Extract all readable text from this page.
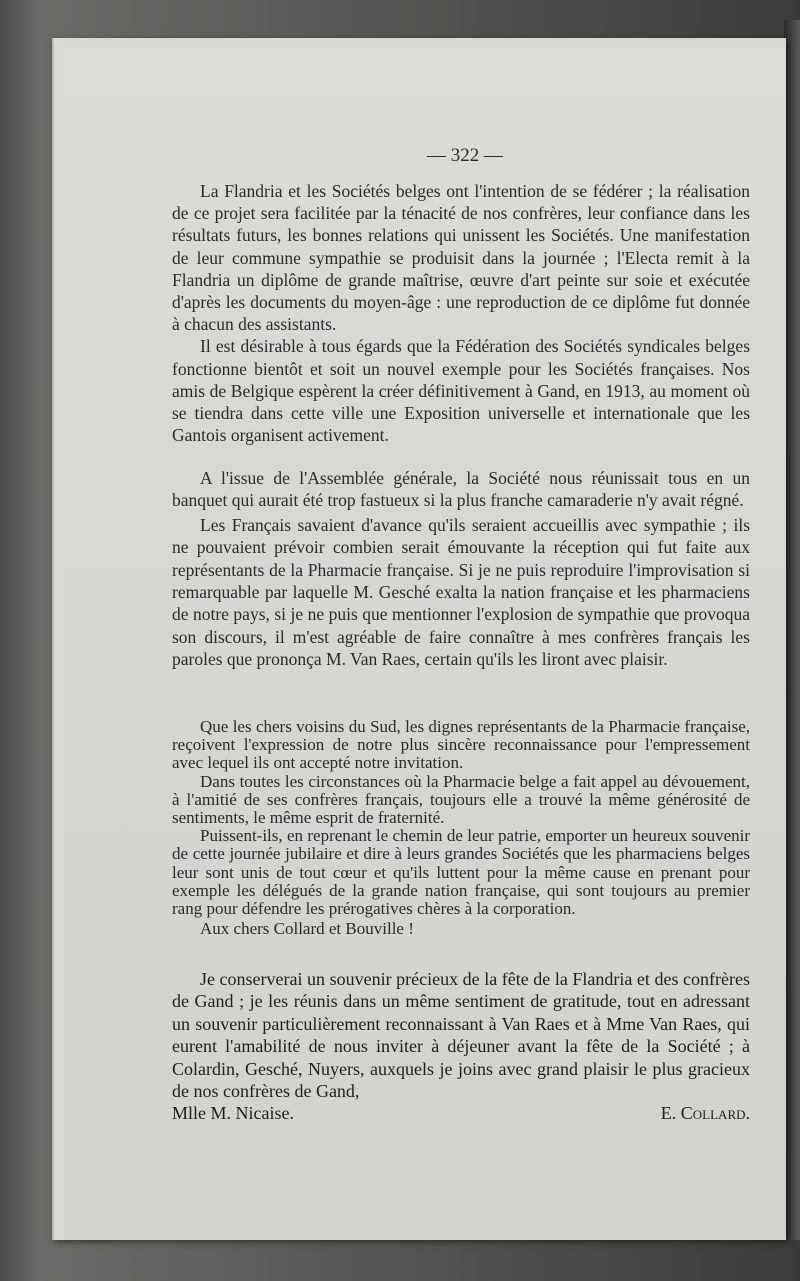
— 322 —

La Flandria et les Sociétés belges ont l'intention de se fédérer ; la réalisation de ce projet sera facilitée par la ténacité de nos confrères, leur confiance dans les résultats futurs, les bonnes relations qui unissent les Sociétés. Une manifestation de leur commune sympathie se produisit dans la journée ; l'Electa remit à la Flandria un diplôme de grande maîtrise, œuvre d'art peinte sur soie et exécutée d'après les documents du moyen-âge : une reproduction de ce diplôme fut donnée à chacun des assistants.

Il est désirable à tous égards que la Fédération des Sociétés syndicales belges fonctionne bientôt et soit un nouvel exemple pour les Sociétés françaises. Nos amis de Belgique espèrent la créer définitivement à Gand, en 1913, au moment où se tiendra dans cette ville une Exposition universelle et internationale que les Gantois organisent activement.

A l'issue de l'Assemblée générale, la Société nous réunissait tous en un banquet qui aurait été trop fastueux si la plus franche camaraderie n'y avait régné.

Les Français savaient d'avance qu'ils seraient accueillis avec sympathie ; ils ne pouvaient prévoir combien serait émouvante la réception qui fut faite aux représentants de la Pharmacie française. Si je ne puis reproduire l'improvisation si remarquable par laquelle M. Gesché exalta la nation française et les pharmaciens de notre pays, si je ne puis que mentionner l'explosion de sympathie que provoqua son discours, il m'est agréable de faire connaître à mes confrères français les paroles que prononça M. Van Raes, certain qu'ils les liront avec plaisir.

Que les chers voisins du Sud, les dignes représentants de la Pharmacie française, reçoivent l'expression de notre plus sincère reconnaissance pour l'empressement avec lequel ils ont accepté notre invitation.

Dans toutes les circonstances où la Pharmacie belge a fait appel au dévouement, à l'amitié de ses confrères français, toujours elle a trouvé la même générosité de sentiments, le même esprit de fraternité.

Puissent-ils, en reprenant le chemin de leur patrie, emporter un heureux souvenir de cette journée jubilaire et dire à leurs grandes Sociétés que les pharmaciens belges leur sont unis de tout cœur et qu'ils luttent pour la même cause en prenant pour exemple les délégués de la grande nation française, qui sont toujours au premier rang pour défendre les prérogatives chères à la corporation.

Aux chers Collard et Bouville !

Je conserverai un souvenir précieux de la fête de la Flandria et des confrères de Gand ; je les réunis dans un même sentiment de gratitude, tout en adressant un souvenir particulièrement reconnaissant à Van Raes et à Mme Van Raes, qui eurent l'amabilité de nous inviter à déjeuner avant la fête de la Société ; à Colardin, Gesché, Nuyers, auxquels je joins avec grand plaisir le plus gracieux de nos confrères de Gand,

Mlle M. Nicaise.	E. Collard.
